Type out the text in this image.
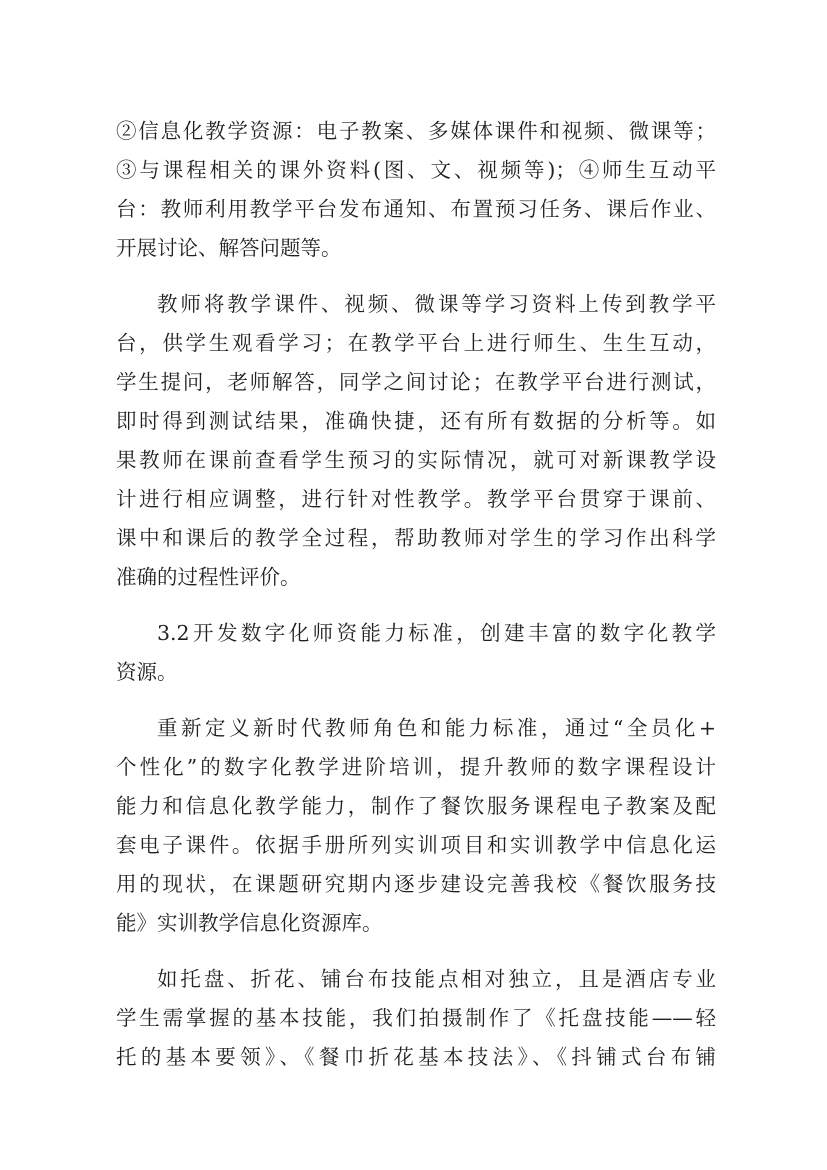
②信息化教学资源：电子教案、多媒体课件和视频、微课等；
③与课程相关的课外资料(图、文、视频等)；④师生互动平
台：教师利用教学平台发布通知、布置预习任务、课后作业、
开展讨论、解答问题等。
教师将教学课件、视频、微课等学习资料上传到教学平
台，供学生观看学习；在教学平台上进行师生、生生互动，
学生提问，老师解答，同学之间讨论；在教学平台进行测试，
即时得到测试结果，准确快捷，还有所有数据的分析等。如
果教师在课前查看学生预习的实际情况，就可对新课教学设
计进行相应调整，进行针对性教学。教学平台贯穿于课前、
课中和课后的教学全过程，帮助教师对学生的学习作出科学
准确的过程性评价。
3.2开发数字化师资能力标准，创建丰富的数字化教学
资源。
重新定义新时代教师角色和能力标准，通过“全员化+
个性化”的数字化教学进阶培训，提升教师的数字课程设计
能力和信息化教学能力，制作了餐饮服务课程电子教案及配
套电子课件。依据手册所列实训项目和实训教学中信息化运
用的现状，在课题研究期内逐步建设完善我校《餐饮服务技
能》实训教学信息化资源库。
如托盘、折花、铺台布技能点相对独立，且是酒店专业
学生需掌握的基本技能，我们拍摄制作了《托盘技能——轻
托的基本要领》、《餐巾折花基本技法》、《抖铺式台布铺
